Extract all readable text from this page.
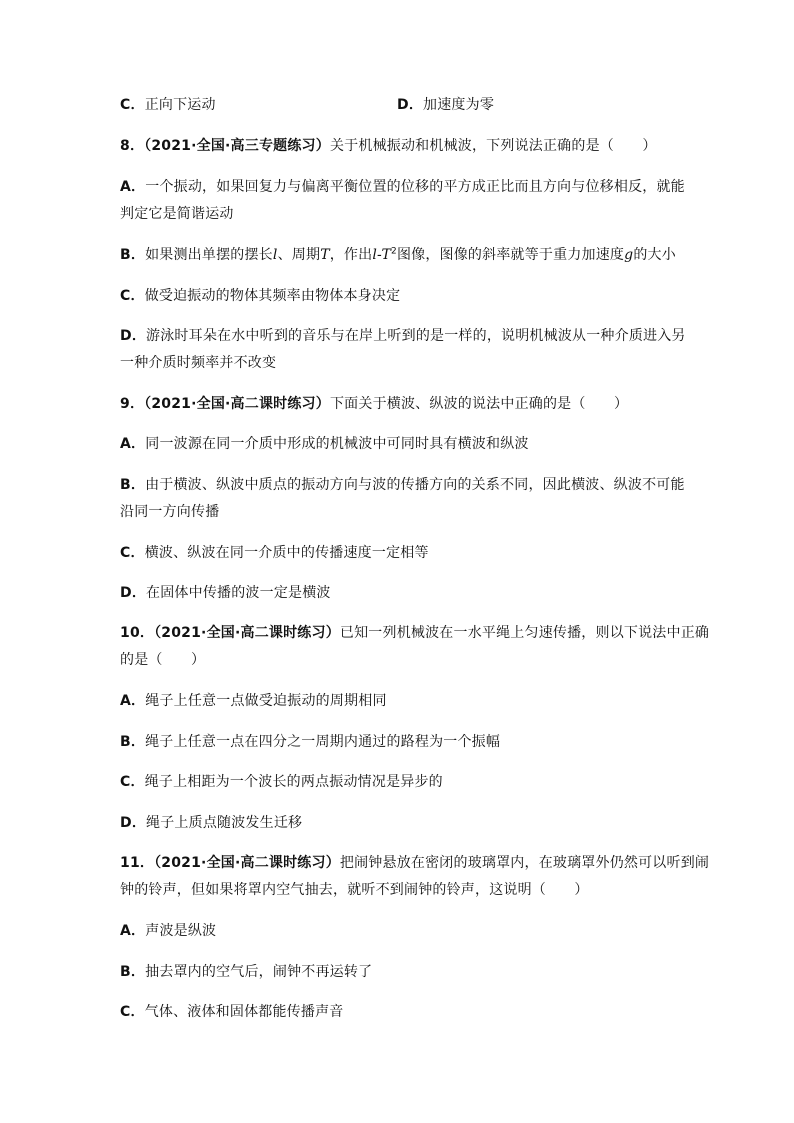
C．正向下运动	D．加速度为零
8．（2021·全国·高三专题练习）关于机械振动和机械波，下列说法正确的是（　　）
A．一个振动，如果回复力与偏离平衡位置的位移的平方成正比而且方向与位移相反，就能
判定它是简谐运动
B．如果测出单摆的摆长l、周期T，作出$l-T^2$图像，图像的斜率就等于重力加速度g的大小
C．做受迫振动的物体其频率由物体本身决定
D．游泳时耳朵在水中听到的音乐与在岸上听到的是一样的，说明机械波从一种介质进入另
一种介质时频率并不改变
9．（2021·全国·高二课时练习）下面关于横波、纵波的说法中正确的是（　　）
A．同一波源在同一介质中形成的机械波中可同时具有横波和纵波
B．由于横波、纵波中质点的振动方向与波的传播方向的关系不同，因此横波、纵波不可能
沿同一方向传播
C．横波、纵波在同一介质中的传播速度一定相等
D．在固体中传播的波一定是横波
10．（2021·全国·高二课时练习）已知一列机械波在一水平绳上匀速传播，则以下说法中正确
的是（　　）
A．绳子上任意一点做受迫振动的周期相同
B．绳子上任意一点在四分之一周期内通过的路程为一个振幅
C．绳子上相距为一个波长的两点振动情况是异步的
D．绳子上质点随波发生迁移
11．（2021·全国·高二课时练习）把闹钟悬放在密闭的玻璃罩内，在玻璃罩外仍然可以听到闹
钟的铃声，但如果将罩内空气抽去，就听不到闹钟的铃声，这说明（　　）
A．声波是纵波
B．抽去罩内的空气后，闹钟不再运转了
C．气体、液体和固体都能传播声音
